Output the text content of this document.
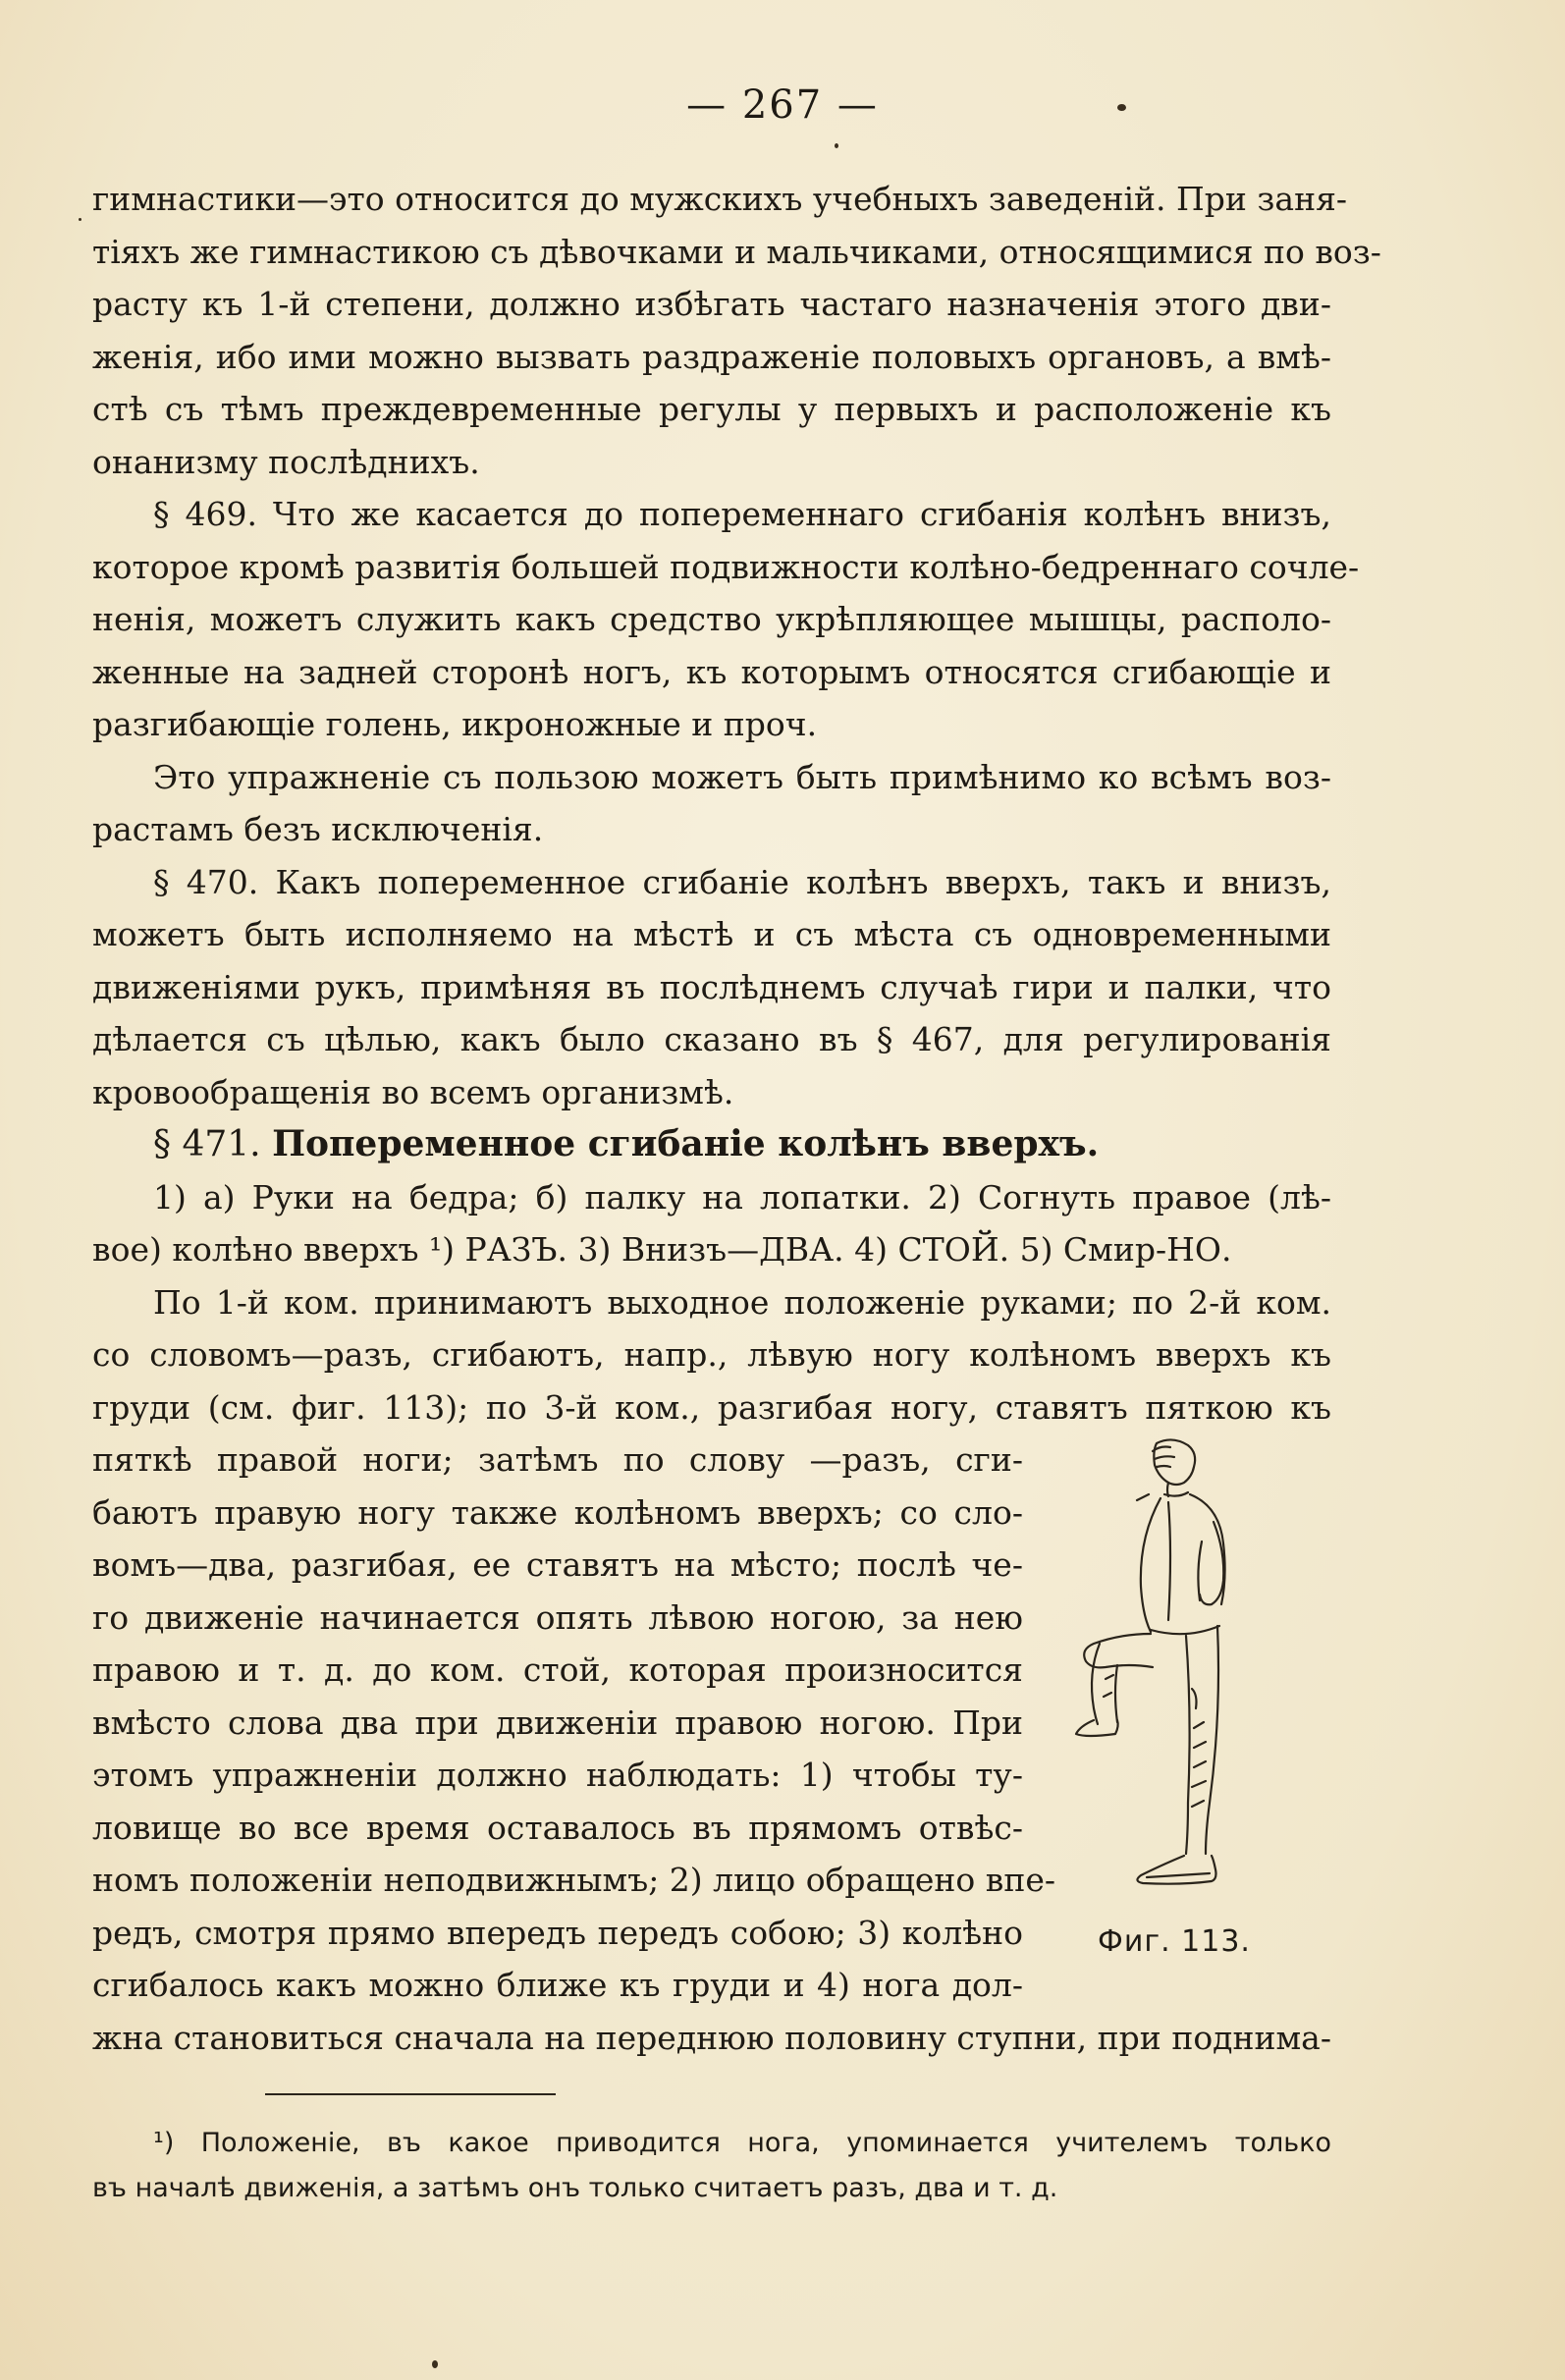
— 267 —
гимнастики—это относится до мужскихъ учебныхъ заведеній. При заня-
тіяхъ же гимнастикою съ дѣвочками и мальчиками, относящимися по воз-
расту къ 1-й степени, должно избѣгать частаго назначенія этого дви-
женія, ибо ими можно вызвать раздраженіе половыхъ органовъ, а вмѣ-
стѣ съ тѣмъ преждевременные регулы у первыхъ и расположеніе къ
онанизму послѣднихъ.
§ 469. Что же касается до попеременнаго сгибанія колѣнъ внизъ,
которое кромѣ развитія большей подвижности колѣно-бедреннаго сочле-
ненія, можетъ служить какъ средство укрѣпляющее мышцы, располо-
женные на задней сторонѣ ногъ, къ которымъ относятся сгибающіе и
разгибающіе голень, икроножные и проч.
Это упражненіе съ пользою можетъ быть примѣнимо ко всѣмъ воз-
растамъ безъ исключенія.
§ 470. Какъ попеременное сгибаніе колѣнъ вверхъ, такъ и внизъ,
можетъ быть исполняемо на мѣстѣ и съ мѣста съ одновременными
движеніями рукъ, примѣняя въ послѣднемъ случаѣ гири и палки, что
дѣлается съ цѣлью, какъ было сказано въ § 467, для регулированія
кровообращенія во всемъ организмѣ.
§ 471. Попеременное сгибаніе колѣнъ вверхъ.
1) а) Руки на бедра; б) палку на лопатки. 2) Согнуть правое (лѣ-
вое) колѣно вверхъ ¹) РАЗЪ. 3) Внизъ—ДВА. 4) СТОЙ. 5) Смир-НО.
По 1-й ком. принимаютъ выходное положеніе руками; по 2-й ком.
со словомъ—разъ, сгибаютъ, напр., лѣвую ногу колѣномъ вверхъ къ
груди (см. фиг. 113); по 3-й ком., разгибая ногу, ставятъ пяткою къ
пяткѣ правой ноги; затѣмъ по слову —разъ, сги-
баютъ правую ногу также колѣномъ вверхъ; со сло-
вомъ—два, разгибая, ее ставятъ на мѣсто; послѣ че-
го движеніе начинается опять лѣвою ногою, за нею
правою и т. д. до ком. стой, которая произносится
вмѣсто слова два при движеніи правою ногою. При
этомъ упражненіи должно наблюдать: 1) чтобы ту-
ловище во все время оставалось въ прямомъ отвѣс-
номъ положеніи неподвижнымъ; 2) лицо обращено впе-
редъ, смотря прямо впередъ передъ собою; 3) колѣно
сгибалось какъ можно ближе къ груди и 4) нога дол-
жна становиться сначала на переднюю половину ступни, при поднима-
Фиг. 113.
¹) Положеніе, въ какое приводится нога, упоминается учителемъ только
въ началѣ движенія, а затѣмъ онъ только считаетъ разъ, два и т. д.
